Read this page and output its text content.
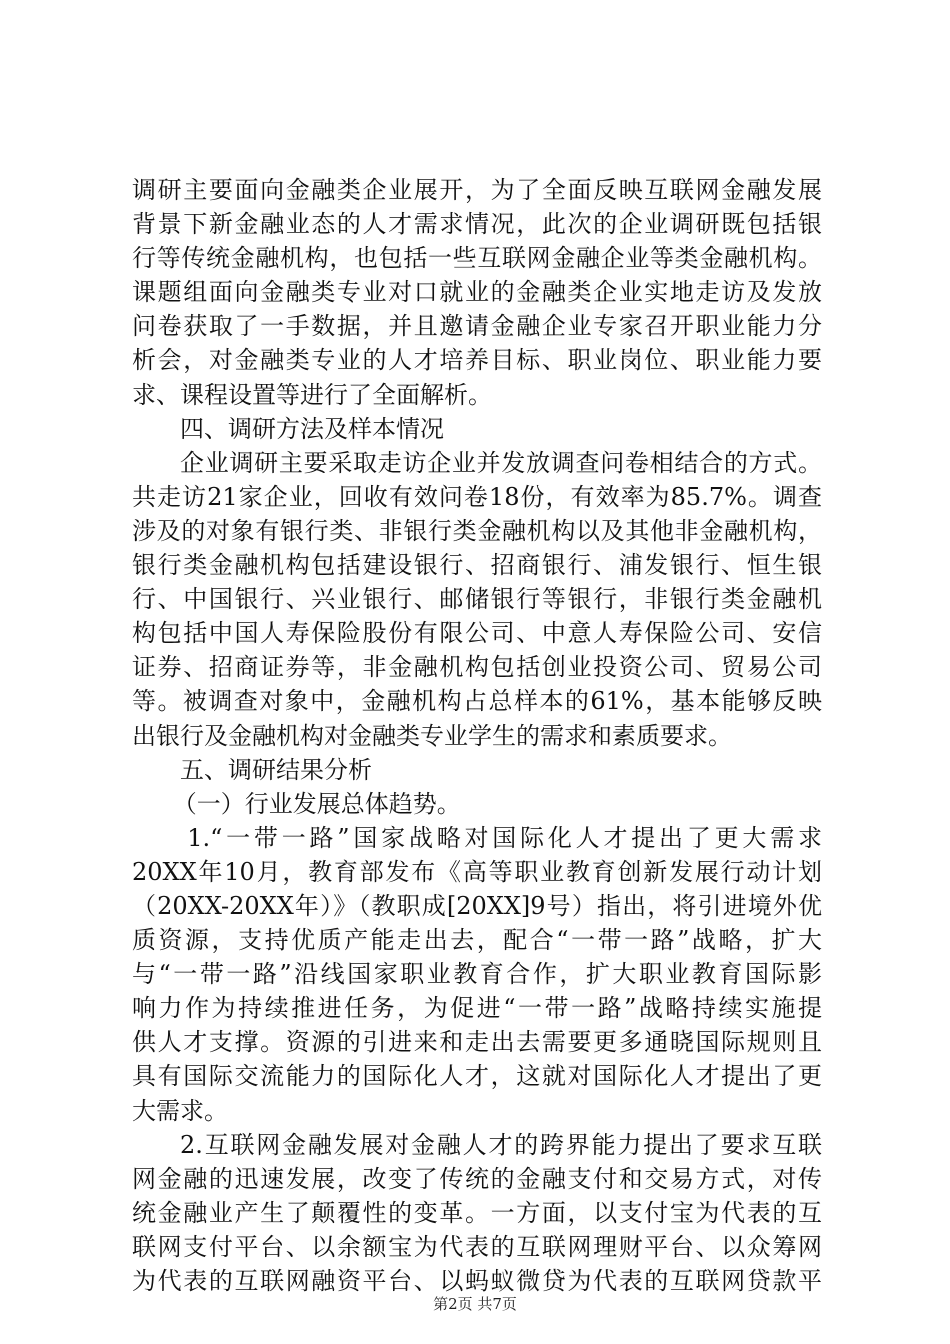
调研主要面向金融类企业展开，为了全面反映互联网金融发展
背景下新金融业态的人才需求情况，此次的企业调研既包括银
行等传统金融机构，也包括一些互联网金融企业等类金融机构。
课题组面向金融类专业对口就业的金融类企业实地走访及发放
问卷获取了一手数据，并且邀请金融企业专家召开职业能力分
析会，对金融类专业的人才培养目标、职业岗位、职业能力要
求、课程设置等进行了全面解析。
四、调研方法及样本情况
企业调研主要采取走访企业并发放调查问卷相结合的方式。
共走访21家企业，回收有效问卷18份，有效率为85.7%。调查
涉及的对象有银行类、非银行类金融机构以及其他非金融机构，
银行类金融机构包括建设银行、招商银行、浦发银行、恒生银
行、中国银行、兴业银行、邮储银行等银行，非银行类金融机
构包括中国人寿保险股份有限公司、中意人寿保险公司、安信
证券、招商证券等，非金融机构包括创业投资公司、贸易公司
等。被调查对象中，金融机构占总样本的61%，基本能够反映
出银行及金融机构对金融类专业学生的需求和素质要求。
五、调研结果分析
（一）行业发展总体趋势。
1.“一带一路”国家战略对国际化人才提出了更大需求
20XX年10月，教育部发布《高等职业教育创新发展行动计划
（20XX-20XX年）》（教职成[20XX]9号）指出，将引进境外优
质资源，支持优质产能走出去，配合“一带一路”战略，扩大
与“一带一路”沿线国家职业教育合作，扩大职业教育国际影
响力作为持续推进任务，为促进“一带一路”战略持续实施提
供人才支撑。资源的引进来和走出去需要更多通晓国际规则且
具有国际交流能力的国际化人才，这就对国际化人才提出了更
大需求。
2.互联网金融发展对金融人才的跨界能力提出了要求互联
网金融的迅速发展，改变了传统的金融支付和交易方式，对传
统金融业产生了颠覆性的变革。一方面，以支付宝为代表的互
联网支付平台、以余额宝为代表的互联网理财平台、以众筹网
为代表的互联网融资平台、以蚂蚁微贷为代表的互联网贷款平
第2页 共7页
